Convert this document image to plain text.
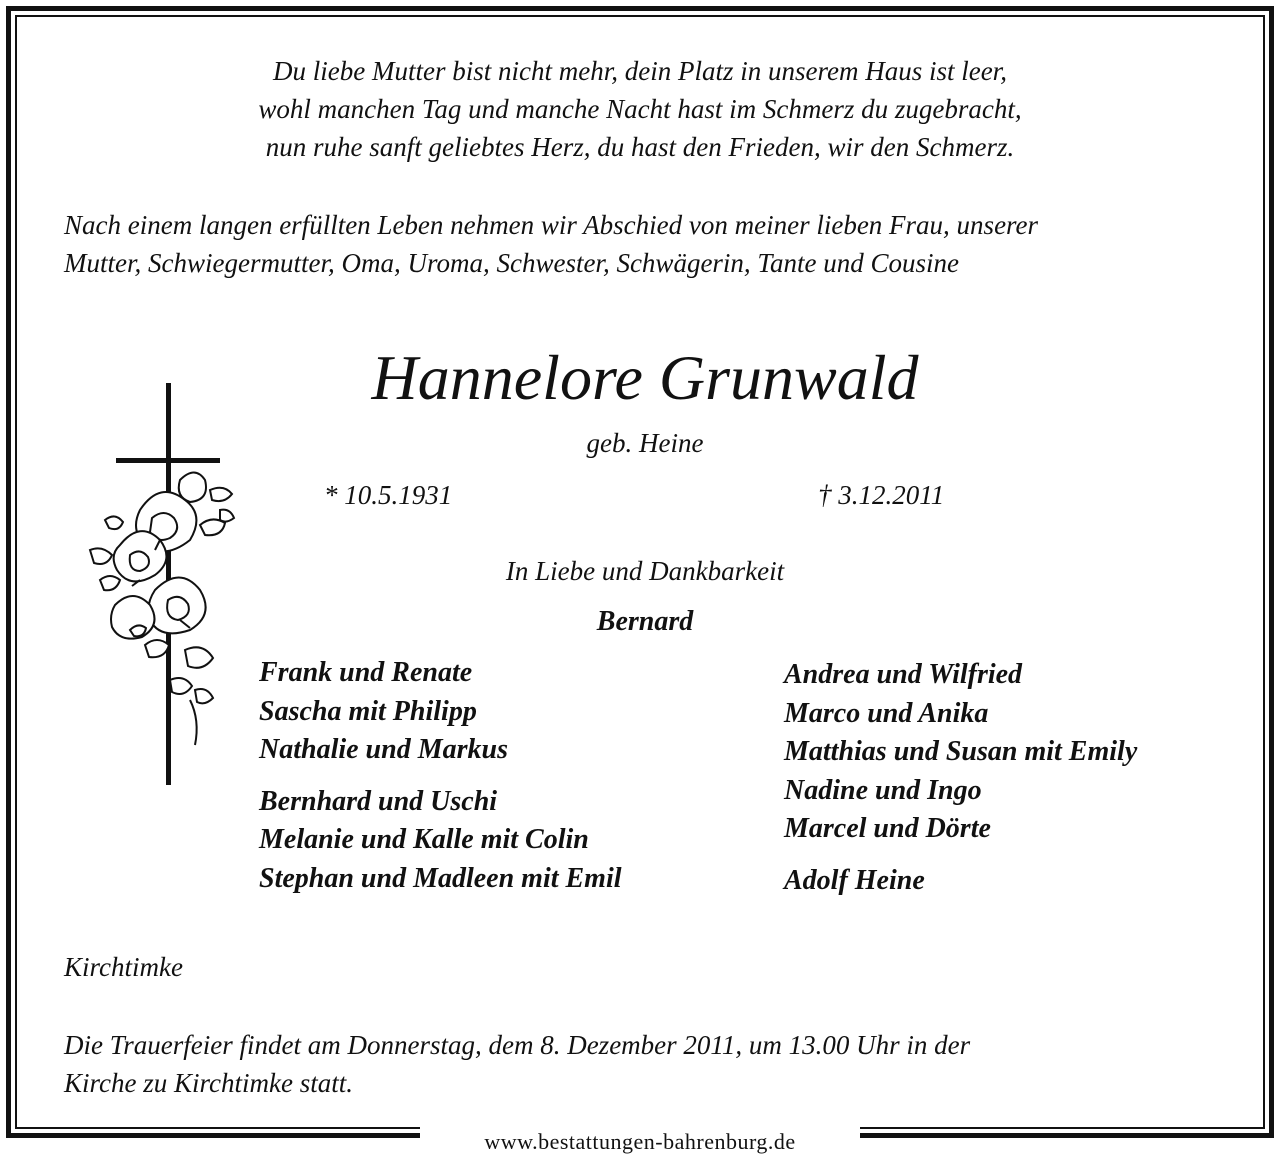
Du liebe Mutter bist nicht mehr, dein Platz in unserem Haus ist leer,
wohl manchen Tag und manche Nacht hast im Schmerz du zugebracht,
nun ruhe sanft geliebtes Herz, du hast den Frieden, wir den Schmerz.
Nach einem langen erfüllten Leben nehmen wir Abschied von meiner lieben Frau, unserer
Mutter, Schwiegermutter, Oma, Uroma, Schwester, Schwägerin, Tante und Cousine
Hannelore Grunwald
geb. Heine
* 10.5.1931	† 3.12.2011
In Liebe und Dankbarkeit
Bernard
Frank und Renate
Sascha mit Philipp
Nathalie und Markus
Bernhard und Uschi
Melanie und Kalle mit Colin
Stephan und Madleen mit Emil
Andrea und Wilfried
Marco und Anika
Matthias und Susan mit Emily
Nadine und Ingo
Marcel und Dörte
Adolf Heine
Kirchtimke
Die Trauerfeier findet am Donnerstag, dem 8. Dezember 2011, um 13.00 Uhr in der
Kirche zu Kirchtimke statt.
www.bestattungen-bahrenburg.de
